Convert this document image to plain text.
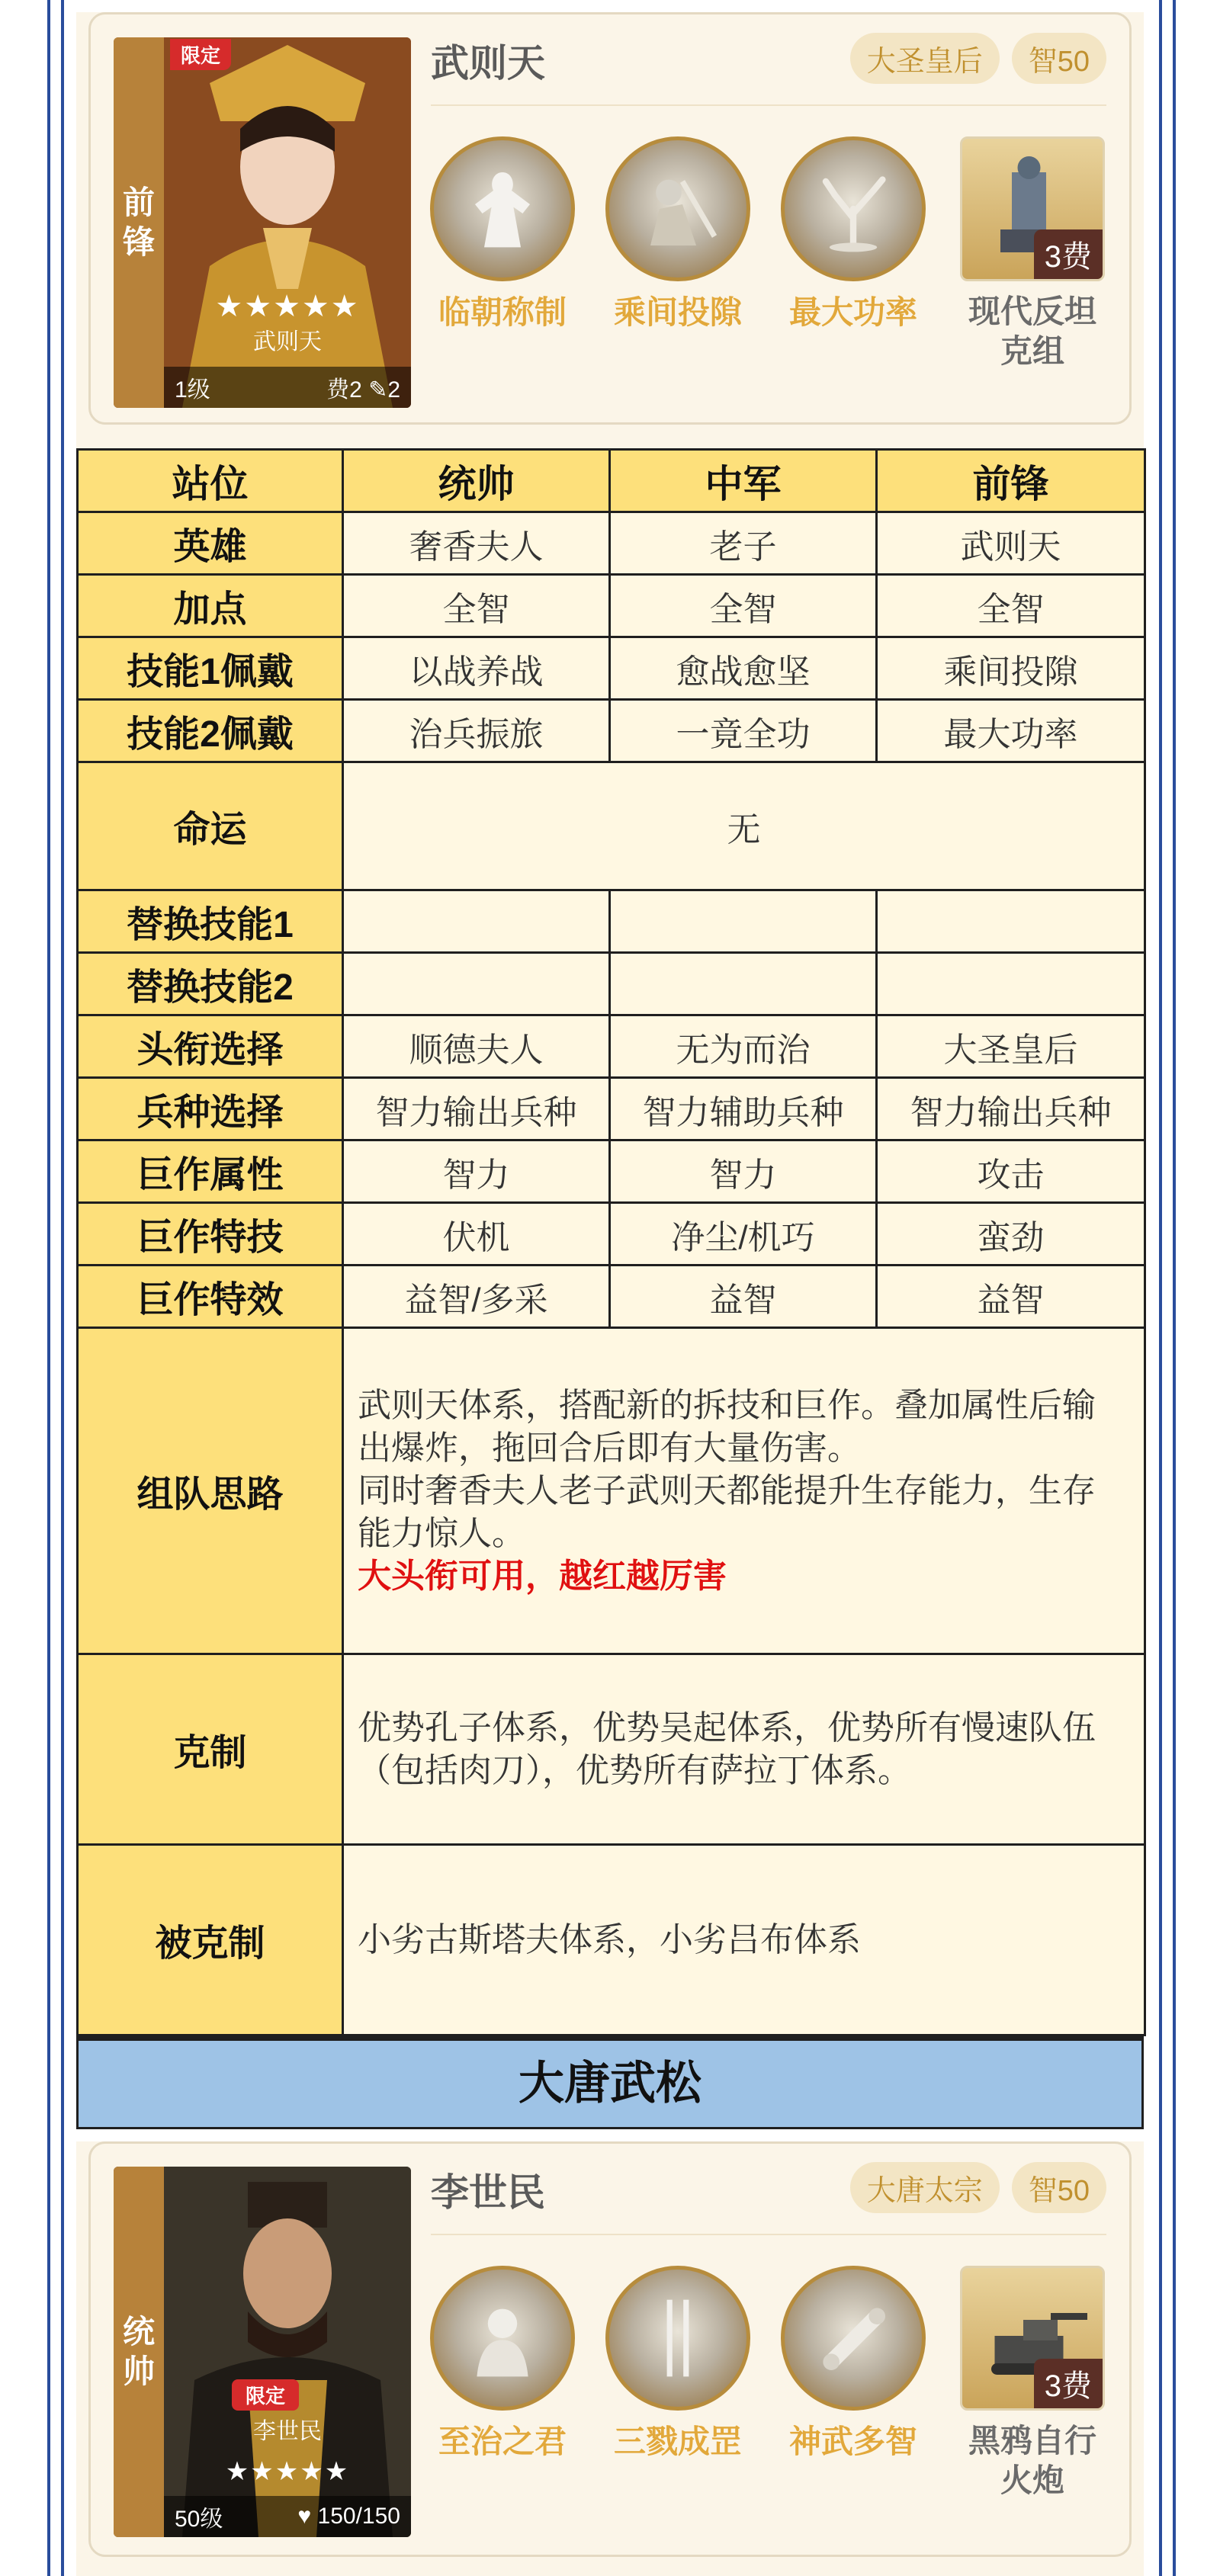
前
锋
限定
★★★★★
武则天
1级	费2 ✎2
武则天	大圣皇后	智50
临朝称制	乘间投隙	最大功率
3费
现代反坦
克组
站位	统帅	中军	前锋
英雄	奢香夫人	老子	武则天
加点	全智	全智	全智
技能1佩戴	以战养战	愈战愈坚	乘间投隙
技能2佩戴	治兵振旅	一竟全功	最大功率
命运	无		
替换技能1			
替换技能2			
头衔选择	顺德夫人	无为而治	大圣皇后
兵种选择	智力输出兵种	智力辅助兵种	智力输出兵种
巨作属性	智力	智力	攻击
巨作特技	伏机	净尘/机巧	蛮劲
巨作特效	益智/多采	益智	益智
组队思路	武则天体系，搭配新的拆技和巨作。叠加属性后输
出爆炸，拖回合后即有大量伤害。
同时奢香夫人老子武则天都能提升生存能力，生存
能力惊人。
大头衔可用，越红越厉害		

克制	优势孔子体系，优势吴起体系，优势所有慢速队伍
（包括肉刀），优势所有萨拉丁体系。		

被克制	小劣古斯塔夫体系，小劣吕布体系		
大唐武松
统
帅
限定
李世民
★★★★★
50级	♥ 150/150
李世民	大唐太宗	智50
至治之君	三戮成罡	神武多智
3费
黑鸦自行
火炮
